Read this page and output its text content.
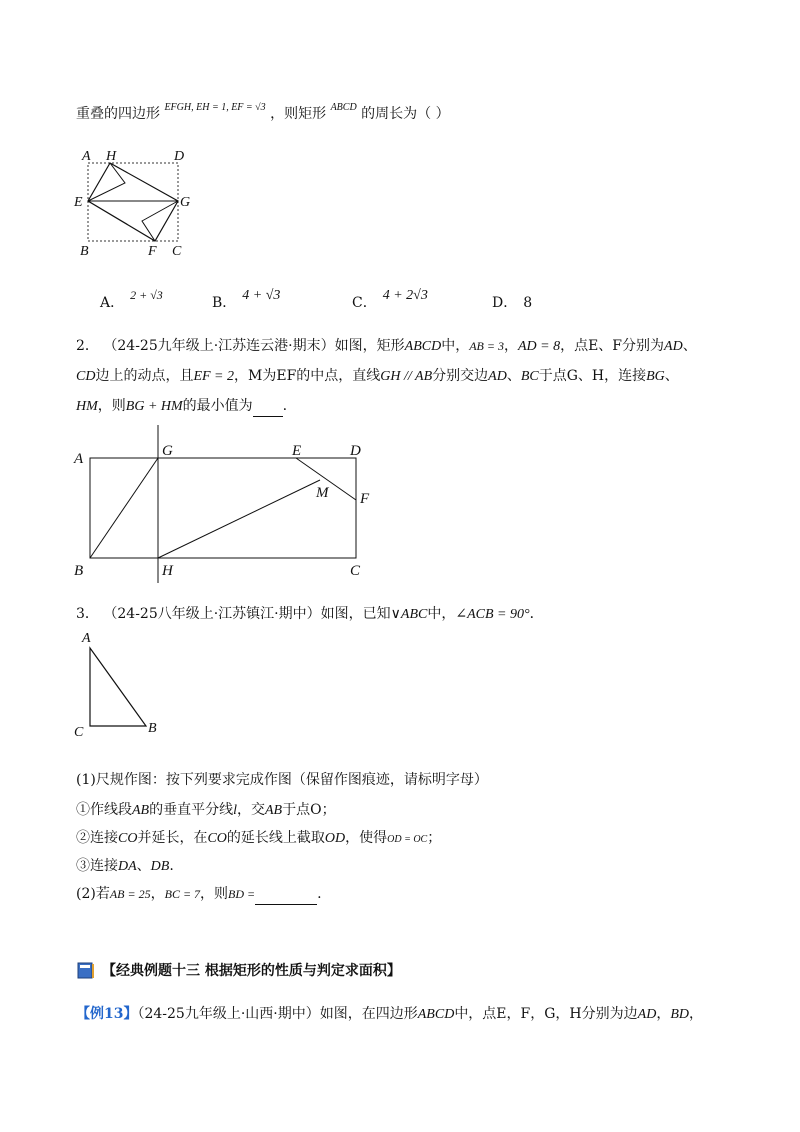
重叠的四边形 $^{EFGH, EH = 1, EF = √3}$ ，则矩形 $^{ABCD}$ 的周长为（ ）
A H	D
E	G
B	F C
A． 2 + √3	B． 4 + √3	C． 4 + 2√3	D． 8
2． （24-25九年级上·江苏连云港·期末）如图，矩形ABCD中，AB = 3，AD = 8，点E、F分别为AD、
CD边上的动点，且EF = 2，M为EF的中点，直线GH // AB分别交边AD、BC于点G、H，连接BG、
HM，则BG + HM的最小值为 .
A	G	E	D
M F
B	H	C
3． （24-25八年级上·江苏镇江·期中）如图，已知∨ABC中，∠ACB = 90°．
A
C	B
(1)尺规作图：按下列要求完成作图（保留作图痕迹，请标明字母）
①作线段AB的垂直平分线l，交AB于点O；
②连接CO并延长，在CO的延长线上截取OD，使得OD = OC；
③连接DA、DB.
(2)若AB = 25，BC = 7，则BD =	.
【经典例题十三 根据矩形的性质与判定求面积】
【例13】（24-25九年级上·山西·期中）如图，在四边形ABCD中，点E，F，G，H分别为边AD，BD，
